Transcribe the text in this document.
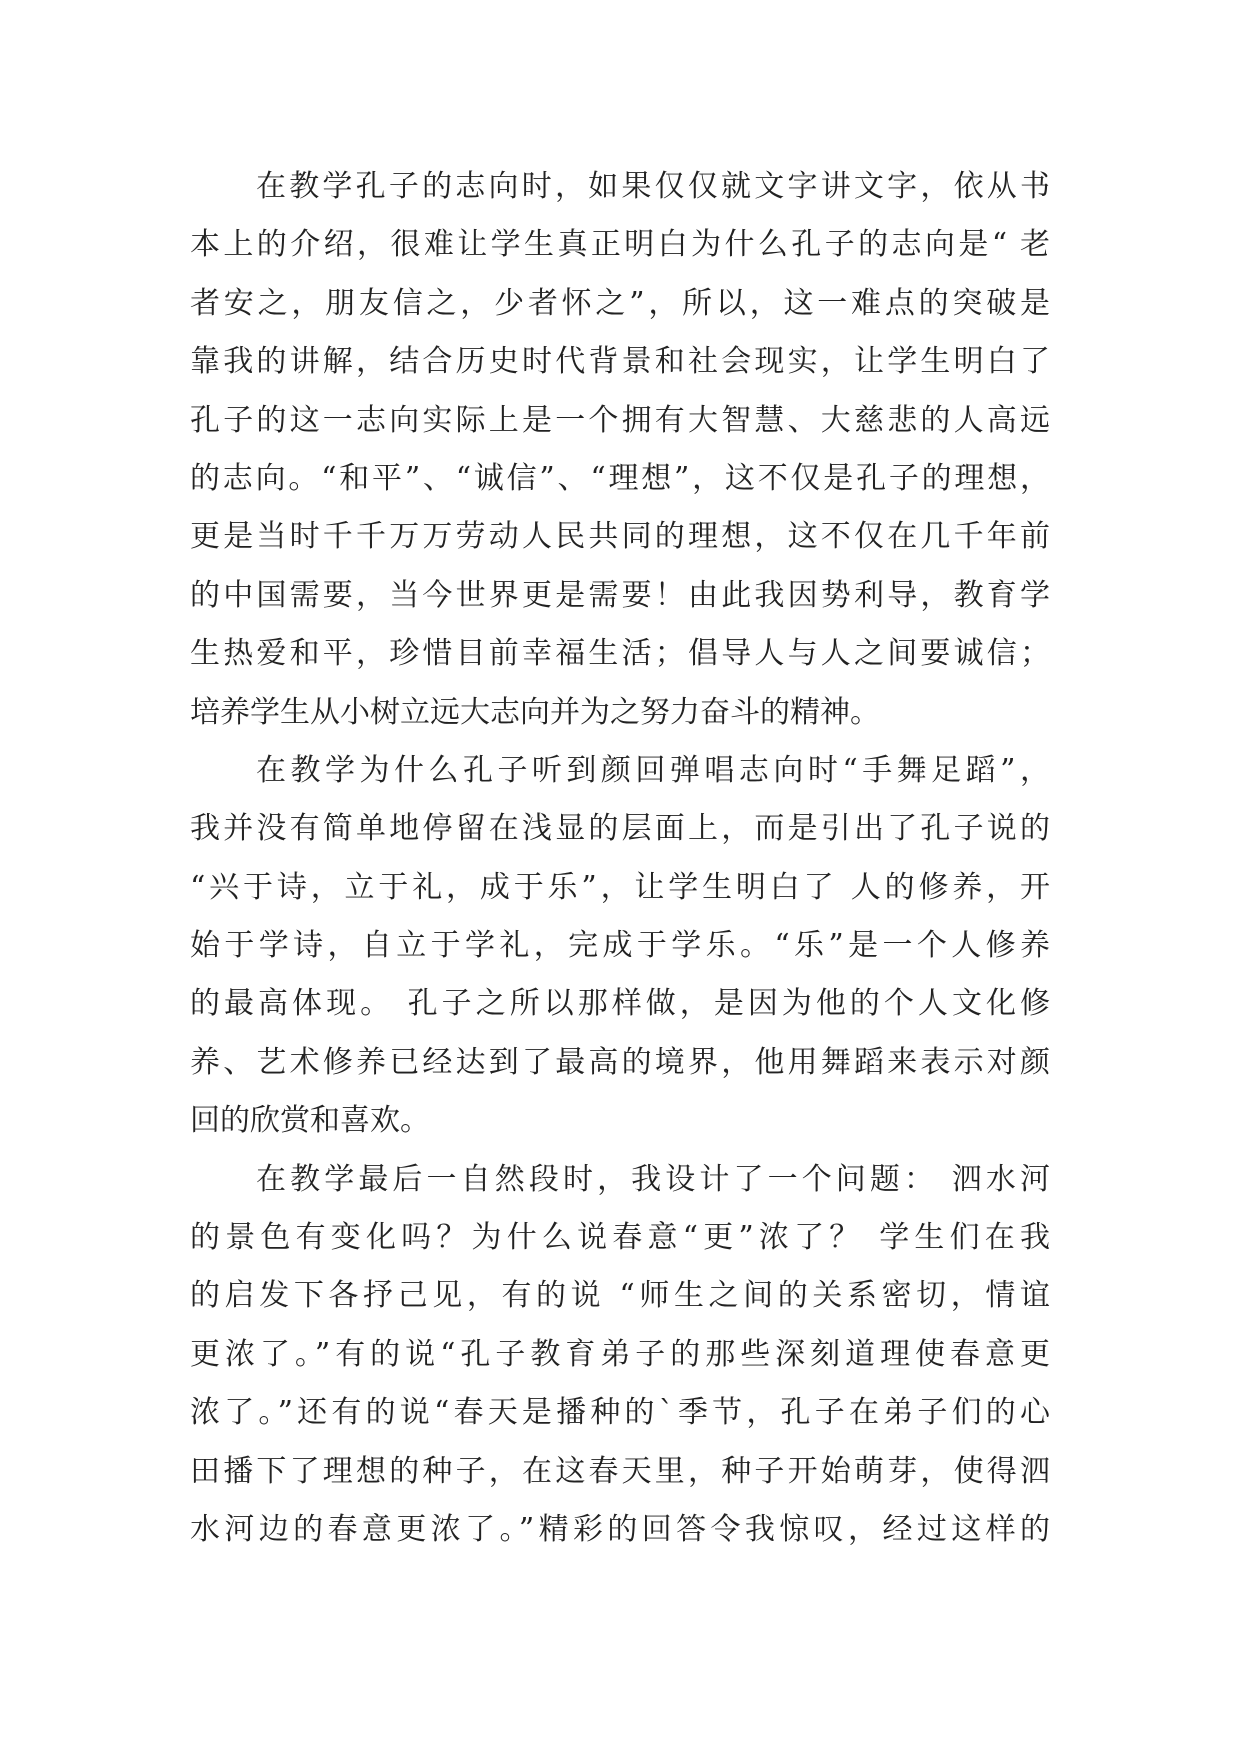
在教学孔子的志向时，如果仅仅就文字讲文字，依从书
本上的介绍，很难让学生真正明白为什么孔子的志向是“ 老
者安之，朋友信之，少者怀之”，所以，这一难点的突破是
靠我的讲解，结合历史时代背景和社会现实，让学生明白了
孔子的这一志向实际上是一个拥有大智慧、大慈悲的人高远
的志向。“和平”、“诚信”、“理想”，这不仅是孔子的理想，
更是当时千千万万劳动人民共同的理想，这不仅在几千年前
的中国需要，当今世界更是需要！由此我因势利导，教育学
生热爱和平，珍惜目前幸福生活；倡导人与人之间要诚信；
培养学生从小树立远大志向并为之努力奋斗的精神。
在教学为什么孔子听到颜回弹唱志向时“手舞足蹈”，
我并没有简单地停留在浅显的层面上，而是引出了孔子说的
“兴于诗，立于礼，成于乐”，让学生明白了 人的修养，开
始于学诗，自立于学礼，完成于学乐。“乐”是一个人修养
的最高体现。 孔子之所以那样做，是因为他的个人文化修
养、艺术修养已经达到了最高的境界，他用舞蹈来表示对颜
回的欣赏和喜欢。
在教学最后一自然段时，我设计了一个问题： 泗水河
的景色有变化吗？为什么说春意“更”浓了？ 学生们在我
的启发下各抒己见，有的说 “师生之间的关系密切，情谊
更浓了。”有的说“孔子教育弟子的那些深刻道理使春意更
浓了。”还有的说“春天是播种的`季节，孔子在弟子们的心
田播下了理想的种子，在这春天里，种子开始萌芽，使得泗
水河边的春意更浓了。”精彩的回答令我惊叹，经过这样的
